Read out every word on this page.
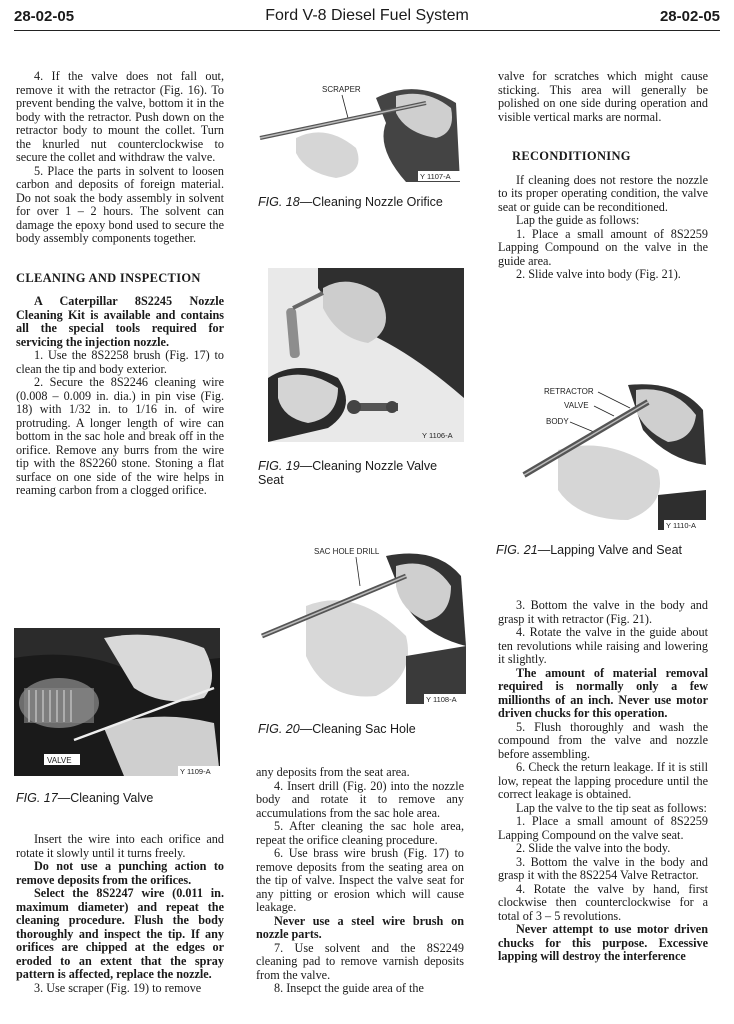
28-02-05	Ford V-8 Diesel Fuel System	28-02-05

4. If the valve does not fall out, remove it with the retractor (Fig. 16). To prevent bending the valve, bottom it in the body with the retractor. Push down on the retractor body to mount the collet. Turn the knurled nut counterclockwise to secure the collet and withdraw the valve.

5. Place the parts in solvent to loosen carbon and deposits of foreign material. Do not soak the body assembly in solvent for over 1 – 2 hours. The solvent can damage the epoxy bond used to secure the body assembly components together.

CLEANING AND INSPECTION

A Caterpillar 8S2245 Nozzle Cleaning Kit is available and contains all the special tools required for servicing the injection nozzle.

1. Use the 8S2258 brush (Fig. 17) to clean the tip and body exterior.

2. Secure the 8S2246 cleaning wire (0.008 – 0.009 in. dia.) in pin vise (Fig. 18) with 1/32 in. to 1/16 in. of wire protruding. A longer length of wire can bottom in the sac hole and break off in the orifice. Remove any burrs from the wire tip with the 8S2260 stone. Stoning a flat surface on one side of the wire helps in reaming carbon from a clogged orifice.

VALVE
Y 1109-A
FIG. 17—Cleaning Valve

Insert the wire into each orifice and rotate it slowly until it turns freely.

Do not use a punching action to remove deposits from the orifices.

Select the 8S2247 wire (0.011 in. maximum diameter) and repeat the cleaning procedure. Flush the body thoroughly and inspect the tip. If any orifices are chipped at the edges or eroded to an extent that the spray pattern is affected, replace the nozzle.

3. Use scraper (Fig. 19) to remove

SCRAPER
Y 1107-A
FIG. 18—Cleaning Nozzle Orifice
Y 1106-A
FIG. 19—Cleaning Nozzle Valve Seat
SAC HOLE DRILL
Y 1108-A
FIG. 20—Cleaning Sac Hole

any deposits from the seat area.

4. Insert drill (Fig. 20) into the nozzle body and rotate it to remove any accumulations from the sac hole area.

5. After cleaning the sac hole area, repeat the orifice cleaning procedure.

6. Use brass wire brush (Fig. 17) to remove deposits from the seating area on the tip of valve. Inspect the valve seat for any pitting or erosion which will cause leakage.

Never use a steel wire brush on nozzle parts.

7. Use solvent and the 8S2249 cleaning pad to remove varnish deposits from the valve.

8. Insepct the guide area of the

valve for scratches which might cause sticking. This area will generally be polished on one side during operation and visible vertical marks are normal.

RECONDITIONING

If cleaning does not restore the nozzle to its proper operating condition, the valve seat or guide can be reconditioned.

Lap the guide as follows:

1. Place a small amount of 8S2259 Lapping Compound on the valve in the guide area.

2. Slide valve into body (Fig. 21).

RETRACTOR
VALVE
BODY
Y 1110-A
FIG. 21—Lapping Valve and Seat

3. Bottom the valve in the body and grasp it with retractor (Fig. 21).

4. Rotate the valve in the guide about ten revolutions while raising and lowering it slightly.

The amount of material removal required is normally only a few millionths of an inch. Never use motor driven chucks for this operation.

5. Flush thoroughly and wash the compound from the valve and nozzle before assembling.

6. Check the return leakage. If it is still low, repeat the lapping procedure until the correct leakage is obtained.

Lap the valve to the tip seat as follows:

1. Place a small amount of 8S2259 Lapping Compound on the valve seat.

2. Slide the valve into the body.

3. Bottom the valve in the body and grasp it with the 8S2254 Valve Retractor.

4. Rotate the valve by hand, first clockwise then counterclockwise for a total of 3 – 5 revolutions.

Never attempt to use motor driven chucks for this purpose. Excessive lapping will destroy the interference
